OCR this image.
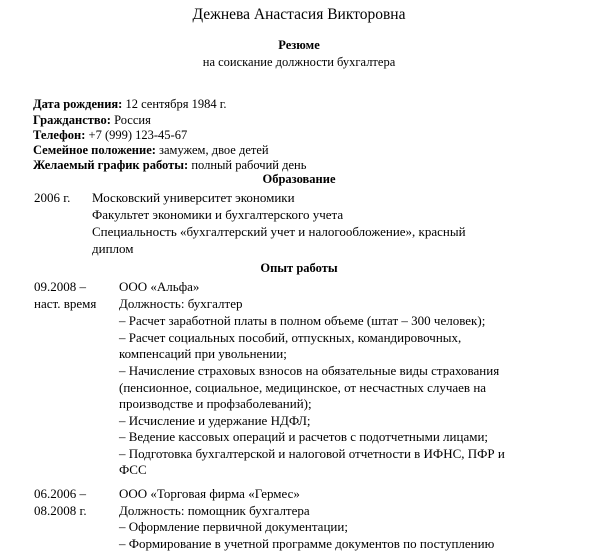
Дежнева Анастасия Викторовна
Резюме
на соискание должности бухгалтера
Дата рождения: 12 сентября 1984 г.
Гражданство: Россия
Телефон: +7 (999) 123-45-67
Семейное положение: замужем, двое детей
Желаемый график работы: полный рабочий день
Образование
2006 г. Московский университет экономики
Факультет экономики и бухгалтерского учета
Специальность «бухгалтерский учет и налогообложение», красный
диплом
Опыт работы
09.2008 –
наст. время
ООО «Альфа»
Должность: бухгалтер
– Расчет заработной платы в полном объеме (штат – 300 человек);
– Расчет социальных пособий, отпускных, командировочных,
компенсаций при увольнении;
– Начисление страховых взносов на обязательные виды страхования
(пенсионное, социальное, медицинское, от несчастных случаев на
производстве и профзаболеваний);
– Исчисление и удержание НДФЛ;
– Ведение кассовых операций и расчетов с подотчетными лицами;
– Подготовка бухгалтерской и налоговой отчетности в ИФНС, ПФР и
ФСС
06.2006 –
08.2008 г.
ООО «Торговая фирма «Гермес»
Должность: помощник бухгалтера
– Оформление первичной документации;
– Формирование в учетной программе документов по поступлению
